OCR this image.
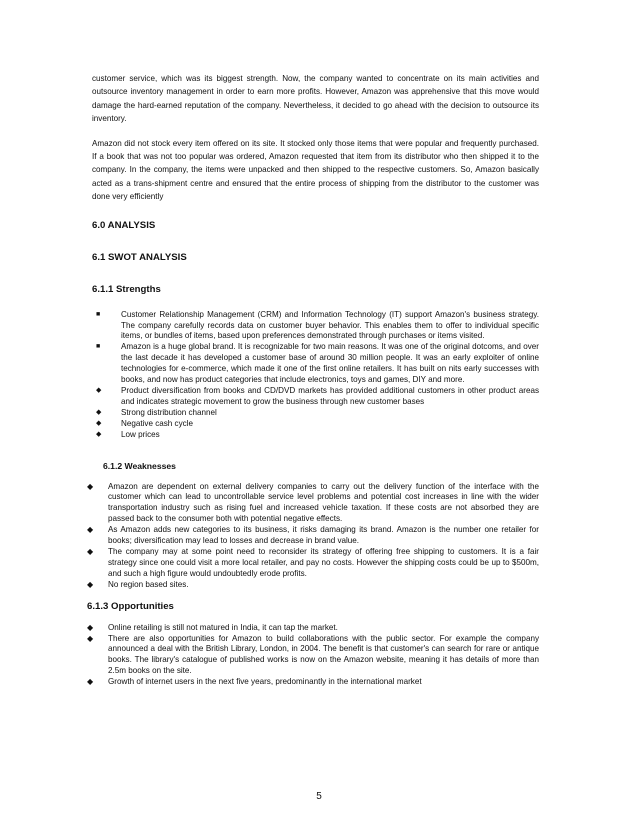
customer service, which was its biggest strength. Now, the company wanted to concentrate on its main activities and outsource inventory management in order to earn more profits. However, Amazon was apprehensive that this move would damage the hard-earned reputation of the company. Nevertheless, it decided to go ahead with the decision to outsource its inventory.

Amazon did not stock every item offered on its site. It stocked only those items that were popular and frequently purchased. If a book that was not too popular was ordered, Amazon requested that item from its distributor who then shipped it to the company. In the company, the items were unpacked and then shipped to the respective customers. So, Amazon basically acted as a trans-shipment centre and ensured that the entire process of shipping from the distributor to the customer was done very efficiently

6.0 ANALYSIS
6.1 SWOT ANALYSIS
6.1.1 Strengths
■	Customer Relationship Management (CRM) and Information Technology (IT) support Amazon's business strategy. The company carefully records data on customer buyer behavior. This enables them to offer to individual specific items, or bundles of items, based upon preferences demonstrated through purchases or items visited.
■	Amazon is a huge global brand. It is recognizable for two main reasons. It was one of the original dotcoms, and over the last decade it has developed a customer base of around 30 million people. It was an early exploiter of online technologies for e-commerce, which made it one of the first online retailers. It has built on nits early successes with books, and now has product categories that include electronics, toys and games, DIY and more.
◆ Product diversification from books and CD/DVD markets has provided additional customers in other product areas and indicates strategic movement to grow the business through new customer bases
◆ Strong distribution channel
◆ Negative cash cycle
◆ Low prices
6.1.2 Weaknesses
◆ Amazon are dependent on external delivery companies to carry out the delivery function of the interface with the customer which can lead to uncontrollable service level problems and potential cost increases in line with the wider transportation industry such as rising fuel and increased vehicle taxation. If these costs are not absorbed they are passed back to the consumer both with potential negative effects.
◆ As Amazon adds new categories to its business, it risks damaging its brand. Amazon is the number one retailer for books; diversification may lead to losses and decrease in brand value.
◆ The company may at some point need to reconsider its strategy of offering free shipping to customers. It is a fair strategy since one could visit a more local retailer, and pay no costs. However the shipping costs could be up to $500m, and such a high figure would undoubtedly erode profits.
◆ No region based sites.
6.1.3 Opportunities
◆ Online retailing is still not matured in India, it can tap the market.
◆ There are also opportunities for Amazon to build collaborations with the public sector. For example the company announced a deal with the British Library, London, in 2004. The benefit is that customer's can search for rare or antique books. The library's catalogue of published works is now on the Amazon website, meaning it has details of more than 2.5m books on the site.
◆ Growth of internet users in the next five years, predominantly in the international market
5
